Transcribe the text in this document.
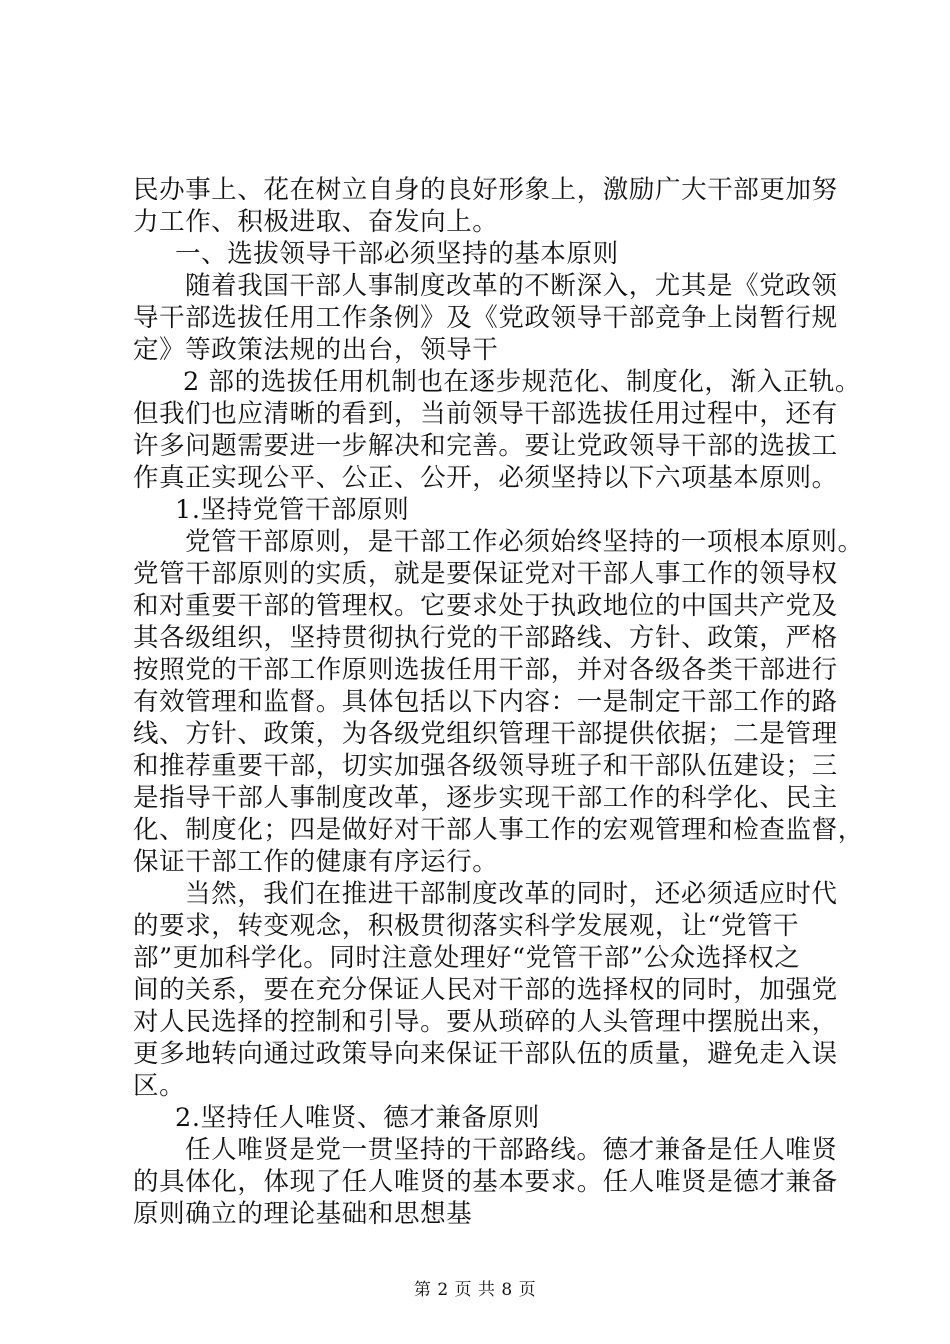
民办事上、花在树立自身的良好形象上，激励广大干部更加努
力工作、积极进取、奋发向上。
一、选拔领导干部必须坚持的基本原则
随着我国干部人事制度改革的不断深入，尤其是《党政领
导干部选拔任用工作条例》及《党政领导干部竞争上岗暂行规
定》等政策法规的出台，领导干
2 部的选拔任用机制也在逐步规范化、制度化，渐入正轨。
但我们也应清晰的看到，当前领导干部选拔任用过程中，还有
许多问题需要进一步解决和完善。要让党政领导干部的选拔工
作真正实现公平、公正、公开，必须坚持以下六项基本原则。
1.坚持党管干部原则
党管干部原则，是干部工作必须始终坚持的一项根本原则。
党管干部原则的实质，就是要保证党对干部人事工作的领导权
和对重要干部的管理权。它要求处于执政地位的中国共产党及
其各级组织，坚持贯彻执行党的干部路线、方针、政策，严格
按照党的干部工作原则选拔任用干部，并对各级各类干部进行
有效管理和监督。具体包括以下内容：一是制定干部工作的路
线、方针、政策，为各级党组织管理干部提供依据；二是管理
和推荐重要干部，切实加强各级领导班子和干部队伍建设；三
是指导干部人事制度改革，逐步实现干部工作的科学化、民主
化、制度化；四是做好对干部人事工作的宏观管理和检查监督，
保证干部工作的健康有序运行。
当然，我们在推进干部制度改革的同时，还必须适应时代
的要求，转变观念，积极贯彻落实科学发展观，让“党管干
部”更加科学化。同时注意处理好“党管干部”公众选择权之
间的关系，要在充分保证人民对干部的选择权的同时，加强党
对人民选择的控制和引导。要从琐碎的人头管理中摆脱出来，
更多地转向通过政策导向来保证干部队伍的质量，避免走入误
区。
2.坚持任人唯贤、德才兼备原则
任人唯贤是党一贯坚持的干部路线。德才兼备是任人唯贤
的具体化，体现了任人唯贤的基本要求。任人唯贤是德才兼备
原则确立的理论基础和思想基
第 2 页 共 8 页
